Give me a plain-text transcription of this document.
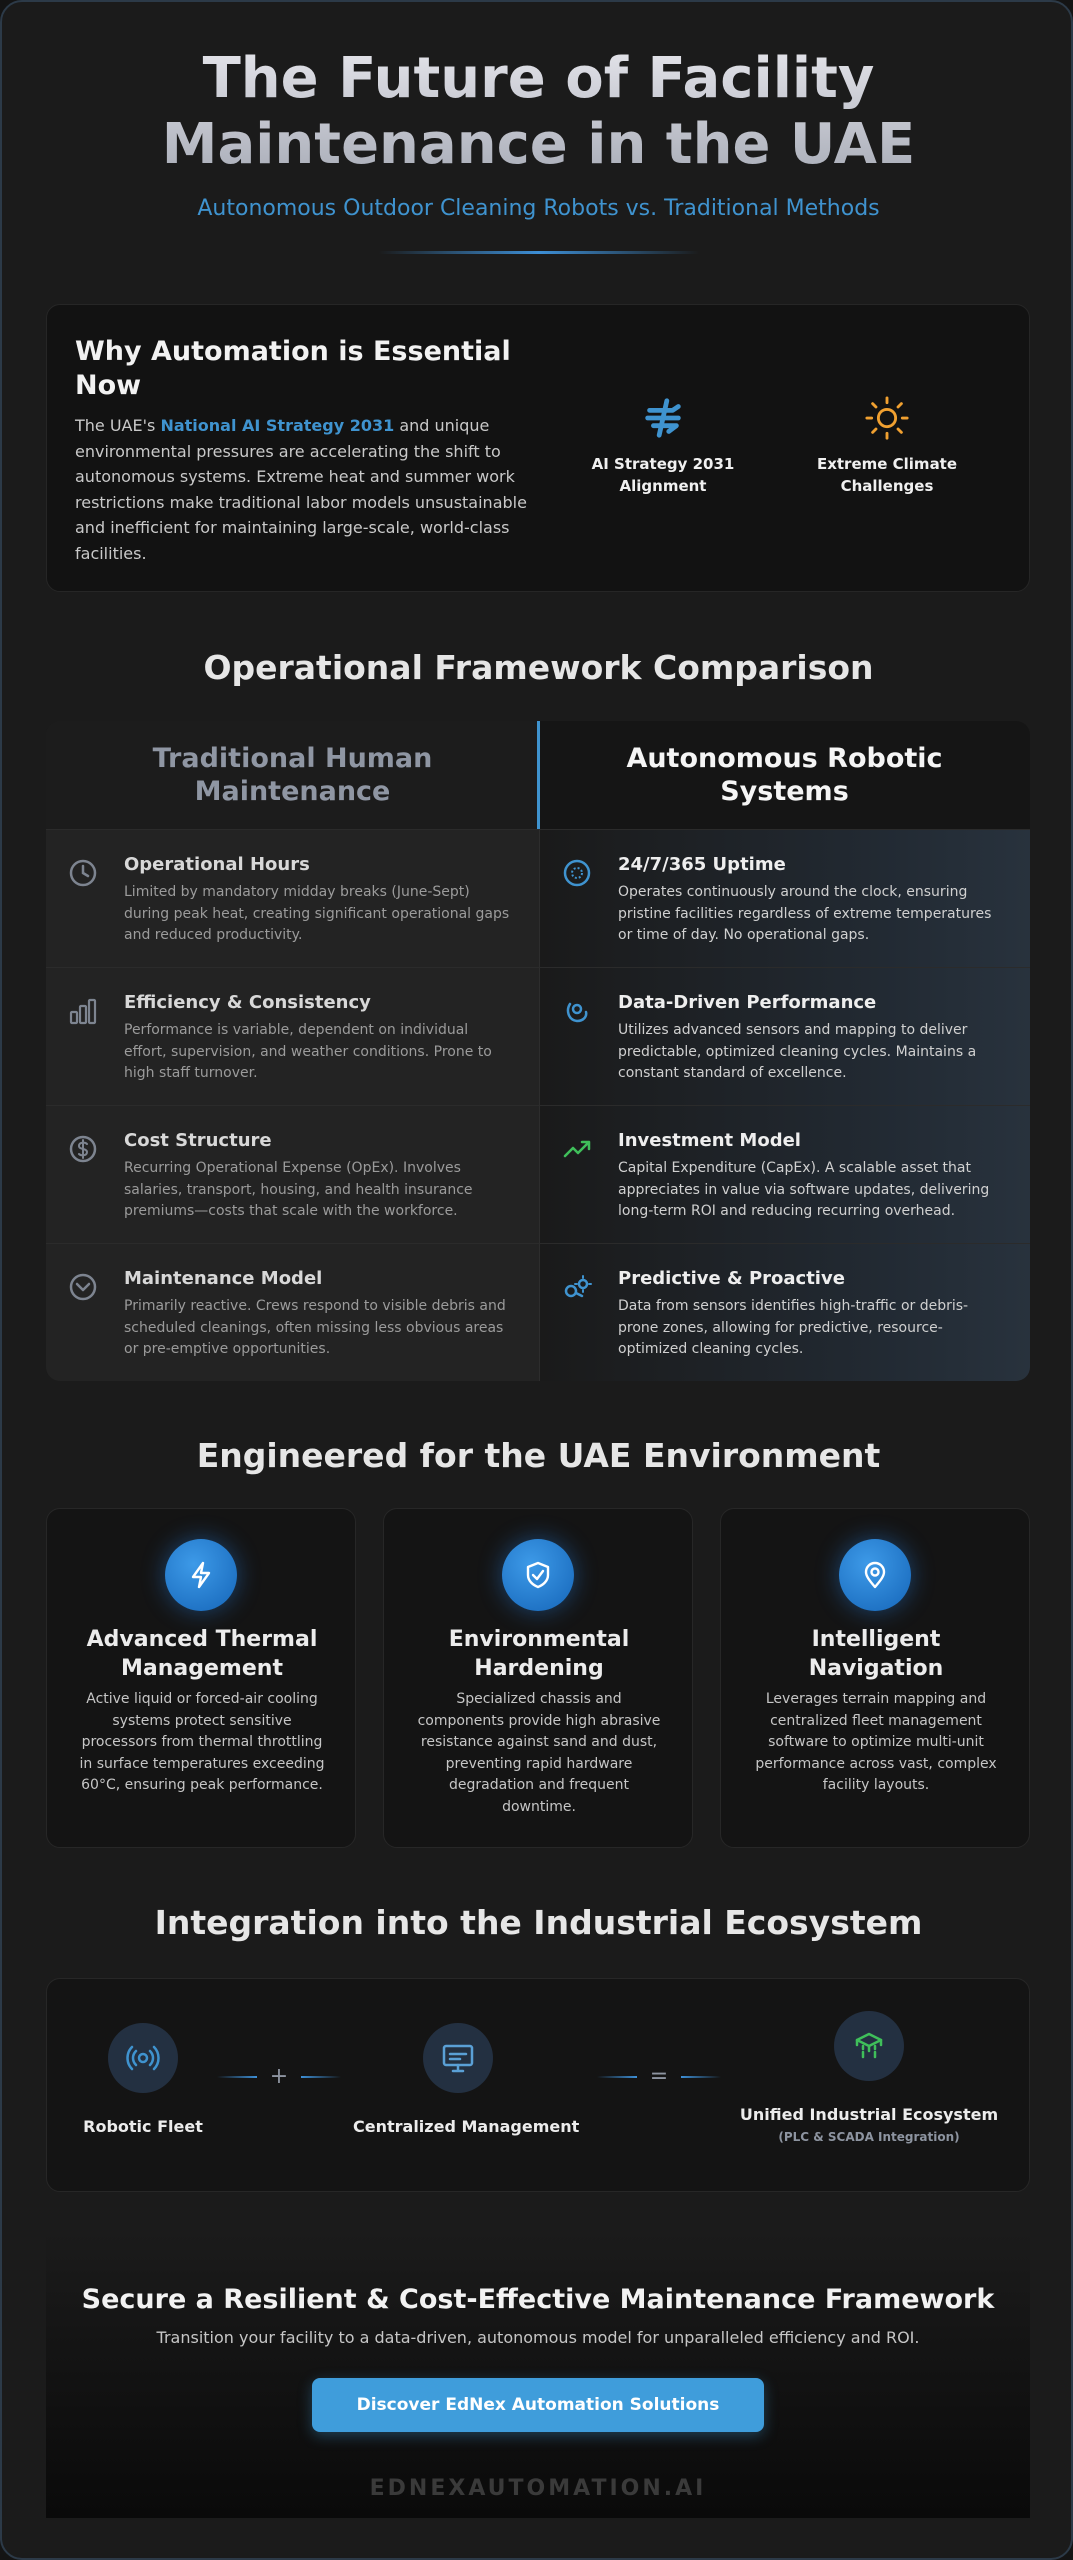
The Future of Facility
Maintenance in the UAE
Autonomous Outdoor Cleaning Robots vs. Traditional Methods
Why Automation is Essential Now
The UAE's National AI Strategy 2031 and unique environmental pressures are accelerating the shift to autonomous systems. Extreme heat and summer work restrictions make traditional labor models unsustainable and inefficient for maintaining large-scale, world-class facilities.
AI Strategy 2031
Alignment
Extreme Climate
Challenges
Operational Framework Comparison
Traditional Human
Maintenance
Autonomous Robotic
Systems
Operational Hours
Limited by mandatory midday breaks (June-Sept) during peak heat, creating significant operational gaps and reduced productivity.
24/7/365 Uptime
Operates continuously around the clock, ensuring pristine facilities regardless of extreme temperatures or time of day. No operational gaps.
Efficiency & Consistency
Performance is variable, dependent on individual effort, supervision, and weather conditions. Prone to high staff turnover.
Data-Driven Performance
Utilizes advanced sensors and mapping to deliver predictable, optimized cleaning cycles. Maintains a constant standard of excellence.
Cost Structure
Recurring Operational Expense (OpEx). Involves salaries, transport, housing, and health insurance premiums—costs that scale with the workforce.
Investment Model
Capital Expenditure (CapEx). A scalable asset that appreciates in value via software updates, delivering long-term ROI and reducing recurring overhead.
Maintenance Model
Primarily reactive. Crews respond to visible debris and scheduled cleanings, often missing less obvious areas or pre-emptive opportunities.
Predictive & Proactive
Data from sensors identifies high-traffic or debris-prone zones, allowing for predictive, resource-optimized cleaning cycles.
Engineered for the UAE Environment
Advanced Thermal Management
Active liquid or forced-air cooling systems protect sensitive processors from thermal throttling in surface temperatures exceeding 60°C, ensuring peak performance.
Environmental Hardening
Specialized chassis and components provide high abrasive resistance against sand and dust, preventing rapid hardware degradation and frequent downtime.
Intelligent Navigation
Leverages terrain mapping and centralized fleet management software to optimize multi-unit performance across vast, complex facility layouts.
Integration into the Industrial Ecosystem
Robotic Fleet
+
Centralized Management
=
Unified Industrial Ecosystem
(PLC & SCADA Integration)
Secure a Resilient & Cost-Effective Maintenance Framework
Transition your facility to a data-driven, autonomous model for unparalleled efficiency and ROI.
Discover EdNex Automation Solutions
EDNEXAUTOMATION.AI
